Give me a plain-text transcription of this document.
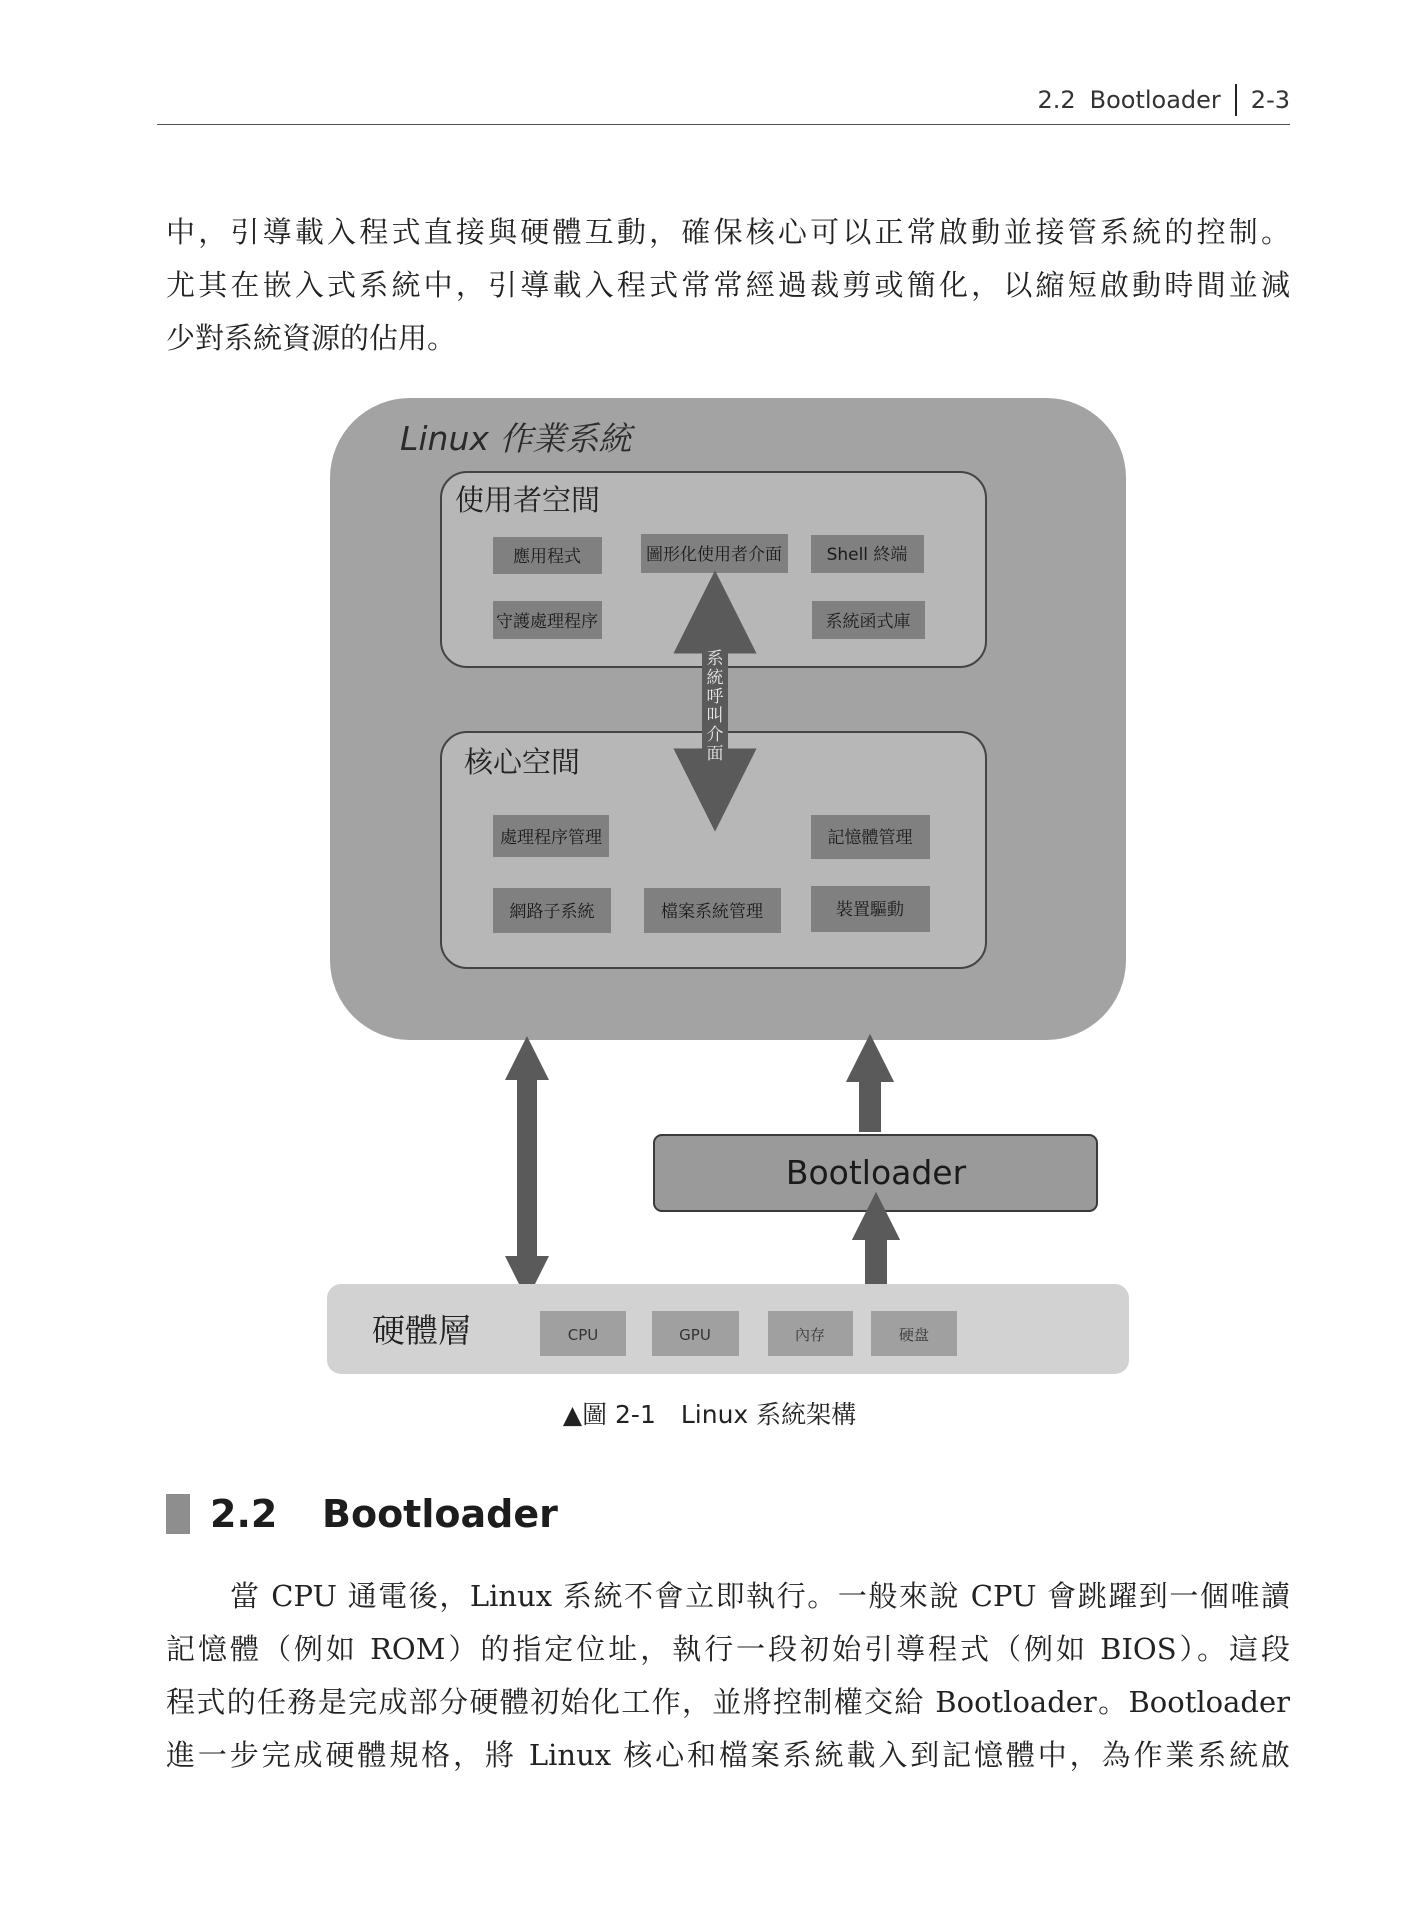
2.2 Bootloader 2-3

中，引導載入程式直接與硬體互動，確保核心可以正常啟動並接管系統的控制。

尤其在嵌入式系統中，引導載入程式常常經過裁剪或簡化，以縮短啟動時間並減

少對系統資源的佔用。

Linux 作業系統
使用者空間
應用程式	圖形化使用者介面	Shell 終端
守護處理程序	系統函式庫
核心空間
處理程序管理	記憶體管理
網路子系統	檔案系統管理	裝置驅動
系
統
呼
叫
介
面
Bootloader
硬體層	CPU	GPU	內存	硬盘
▲圖 2-1　Linux 系統架構
2.2	Bootloader

當 CPU 通電後，Linux 系統不會立即執行。一般來說 CPU 會跳躍到一個唯讀

記憶體（例如 ROM）的指定位址，執行一段初始引導程式（例如 BIOS）。這段

程式的任務是完成部分硬體初始化工作，並將控制權交給 Bootloader。Bootloader

進一步完成硬體規格，將 Linux 核心和檔案系統載入到記憶體中，為作業系統啟
